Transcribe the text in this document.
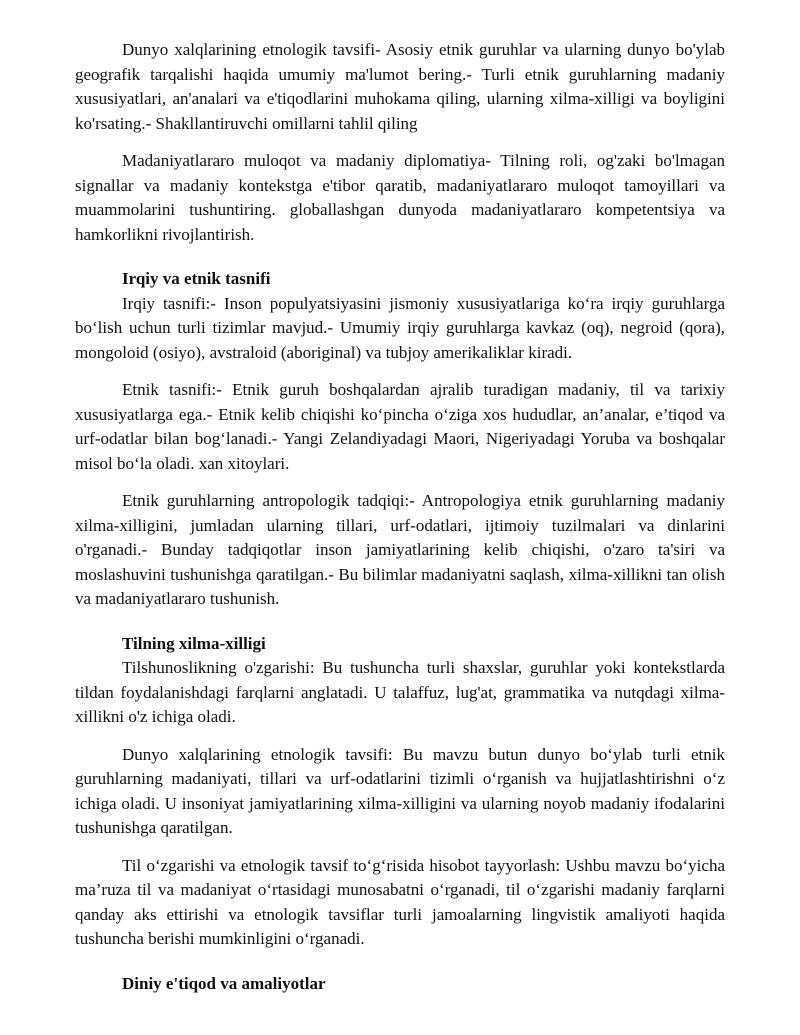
Dunyo xalqlarining etnologik tavsifi- Asosiy etnik guruhlar va ularning dunyo bo'ylab geografik tarqalishi haqida umumiy ma'lumot bering.- Turli etnik guruhlarning madaniy xususiyatlari, an'analari va e'tiqodlarini muhokama qiling, ularning xilma-xilligi va boyligini ko'rsating.- Shakllantiruvchi omillarni tahlil qiling

Madaniyatlararo muloqot va madaniy diplomatiya- Tilning roli, og'zaki bo'lmagan signallar va madaniy kontekstga e'tibor qaratib, madaniyatlararo muloqot tamoyillari va muammolarini tushuntiring. globallashgan dunyoda madaniyatlararo kompetentsiya va hamkorlikni rivojlantirish.

Irqiy va etnik tasnifi

Irqiy tasnifi:- Inson populyatsiyasini jismoniy xususiyatlariga ko‘ra irqiy guruhlarga bo‘lish uchun turli tizimlar mavjud.- Umumiy irqiy guruhlarga kavkaz (oq), negroid (qora), mongoloid (osiyo), avstraloid (aboriginal) va tubjoy amerikaliklar kiradi.

Etnik tasnifi:- Etnik guruh boshqalardan ajralib turadigan madaniy, til va tarixiy xususiyatlarga ega.- Etnik kelib chiqishi ko‘pincha o‘ziga xos hududlar, an’analar, e’tiqod va urf-odatlar bilan bog‘lanadi.- Yangi Zelandiyadagi Maori, Nigeriyadagi Yoruba va boshqalar misol bo‘la oladi. xan xitoylari.

Etnik guruhlarning antropologik tadqiqi:- Antropologiya etnik guruhlarning madaniy xilma-xilligini, jumladan ularning tillari, urf-odatlari, ijtimoiy tuzilmalari va dinlarini o'rganadi.- Bunday tadqiqotlar inson jamiyatlarining kelib chiqishi, o'zaro ta'siri va moslashuvini tushunishga qaratilgan.- Bu bilimlar madaniyatni saqlash, xilma-xillikni tan olish va madaniyatlararo tushunish.

Tilning xilma-xilligi

Tilshunoslikning o'zgarishi: Bu tushuncha turli shaxslar, guruhlar yoki kontekstlarda tildan foydalanishdagi farqlarni anglatadi. U talaffuz, lug'at, grammatika va nutqdagi xilma-xillikni o'z ichiga oladi.

Dunyo xalqlarining etnologik tavsifi: Bu mavzu butun dunyo bo‘ylab turli etnik guruhlarning madaniyati, tillari va urf-odatlarini tizimli o‘rganish va hujjatlashtirishni o‘z ichiga oladi. U insoniyat jamiyatlarining xilma-xilligini va ularning noyob madaniy ifodalarini tushunishga qaratilgan.

Til o‘zgarishi va etnologik tavsif to‘g‘risida hisobot tayyorlash: Ushbu mavzu bo‘yicha ma’ruza til va madaniyat o‘rtasidagi munosabatni o‘rganadi, til o‘zgarishi madaniy farqlarni qanday aks ettirishi va etnologik tavsiflar turli jamoalarning lingvistik amaliyoti haqida tushuncha berishi mumkinligini o‘rganadi.

Diniy e'tiqod va amaliyotlar
